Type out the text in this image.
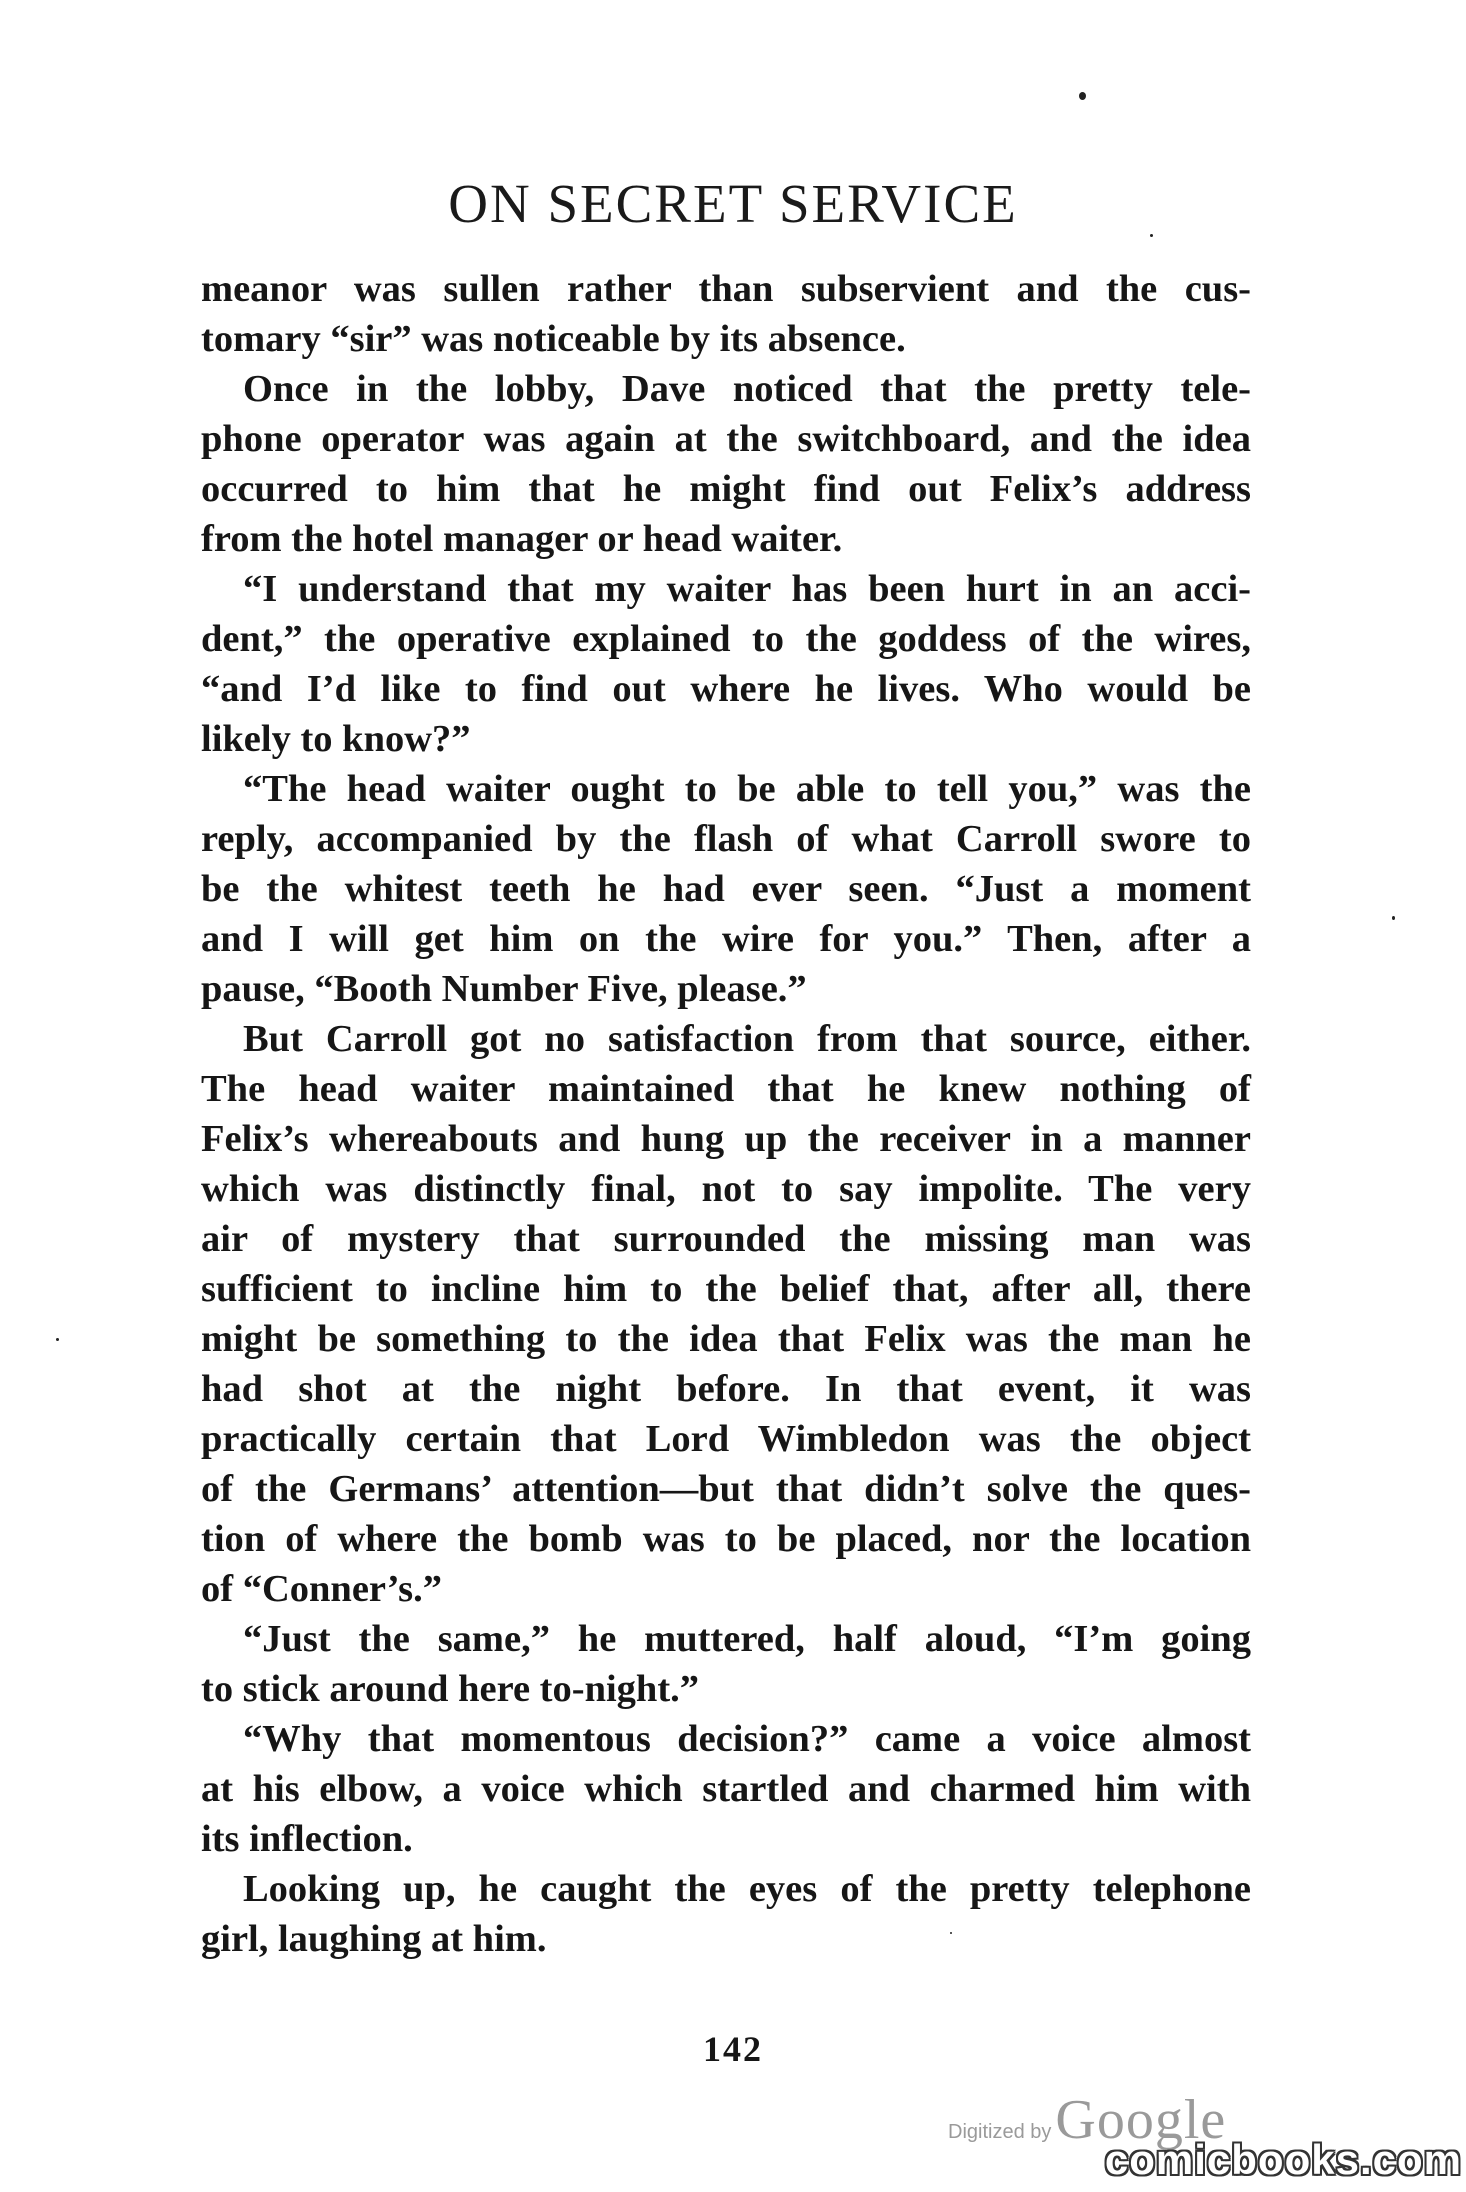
ON SECRET SERVICE
meanor was sullen rather than subservient and the cus-
tomary “sir” was noticeable by its absence.
Once in the lobby, Dave noticed that the pretty tele-
phone operator was again at the switchboard, and the idea
occurred to him that he might find out Felix’s address
from the hotel manager or head waiter.
“I understand that my waiter has been hurt in an acci-
dent,” the operative explained to the goddess of the wires,
“and I’d like to find out where he lives. Who would be
likely to know?”
“The head waiter ought to be able to tell you,” was the
reply, accompanied by the flash of what Carroll swore to
be the whitest teeth he had ever seen. “Just a moment
and I will get him on the wire for you.” Then, after a
pause, “Booth Number Five, please.”
But Carroll got no satisfaction from that source, either.
The head waiter maintained that he knew nothing of
Felix’s whereabouts and hung up the receiver in a manner
which was distinctly final, not to say impolite. The very
air of mystery that surrounded the missing man was
sufficient to incline him to the belief that, after all, there
might be something to the idea that Felix was the man he
had shot at the night before. In that event, it was
practically certain that Lord Wimbledon was the object
of the Germans’ attention—but that didn’t solve the ques-
tion of where the bomb was to be placed, nor the location
of “Conner’s.”
“Just the same,” he muttered, half aloud, “I’m going
to stick around here to-night.”
“Why that momentous decision?” came a voice almost
at his elbow, a voice which startled and charmed him with
its inflection.
Looking up, he caught the eyes of the pretty telephone
girl, laughing at him.
142
Digitized by Google
comicbooks.com
